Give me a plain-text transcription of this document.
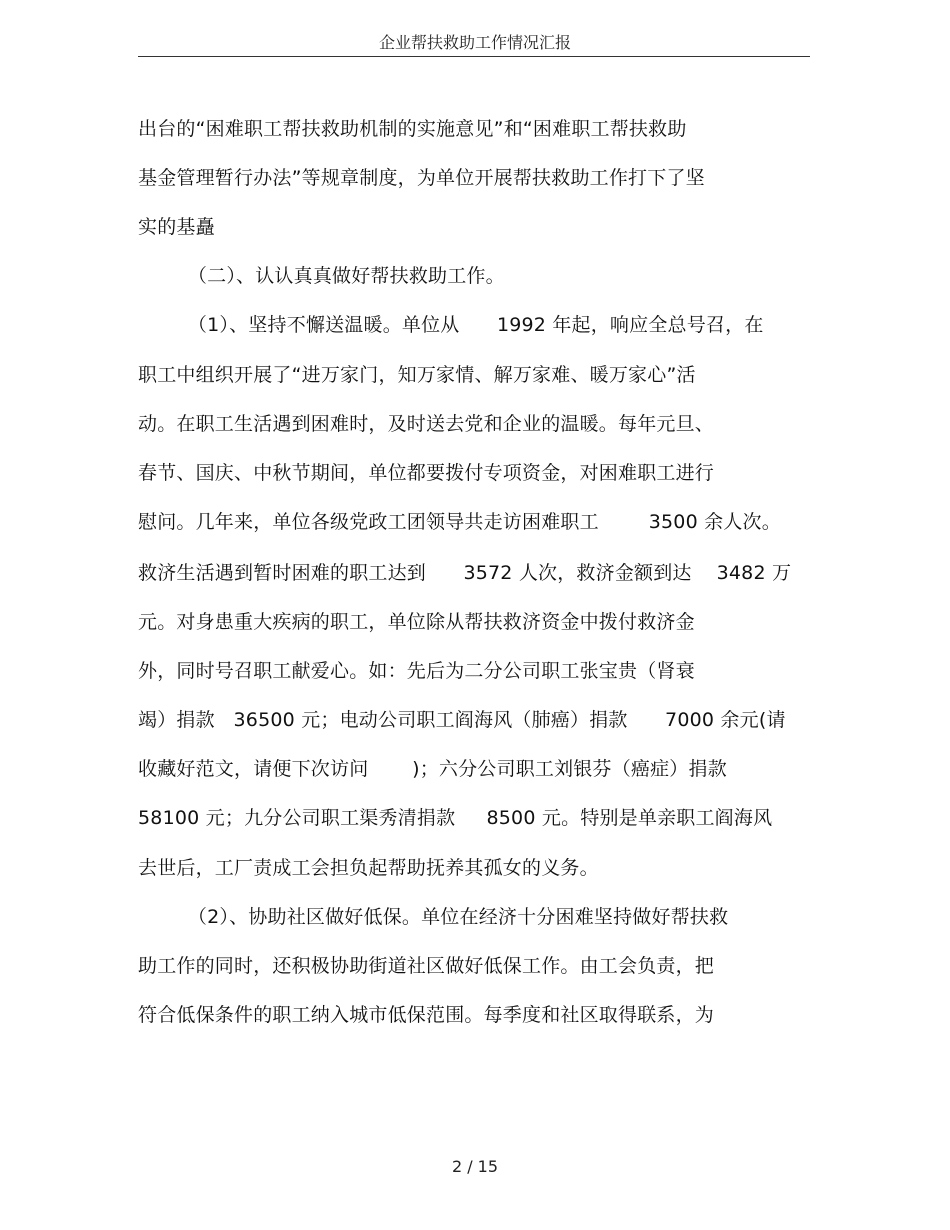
企业帮扶救助工作情况汇报
出台的“困难职工帮扶救助机制的实施意见”和“困难职工帮扶救助
基金管理暂行办法”等规章制度，为单位开展帮扶救助工作打下了坚
实的基矗
（二）、认认真真做好帮扶救助工作。
（1）、坚持不懈送温暖。单位从      1992 年起，响应全总号召，在
职工中组织开展了“进万家门，知万家情、解万家难、暖万家心”活
动。在职工生活遇到困难时，及时送去党和企业的温暖。每年元旦、
春节、国庆、中秋节期间，单位都要拨付专项资金，对困难职工进行
慰问。几年来，单位各级党政工团领导共走访困难职工        3500 余人次。
救济生活遇到暂时困难的职工达到      3572 人次，救济金额到达    3482 万
元。对身患重大疾病的职工，单位除从帮扶救济资金中拨付救济金
外，同时号召职工献爱心。如：先后为二分公司职工张宝贵（肾衰
竭）捐款   36500 元；电动公司职工阎海风（肺癌）捐款      7000 余元(请
收藏好范文，请便下次访问       )；六分公司职工刘银芬（癌症）捐款
58100 元；九分公司职工渠秀清捐款     8500 元。特别是单亲职工阎海风
去世后，工厂责成工会担负起帮助抚养其孤女的义务。
（2）、协助社区做好低保。单位在经济十分困难坚持做好帮扶救
助工作的同时，还积极协助街道社区做好低保工作。由工会负责，把
符合低保条件的职工纳入城市低保范围。每季度和社区取得联系，为
2 / 15
